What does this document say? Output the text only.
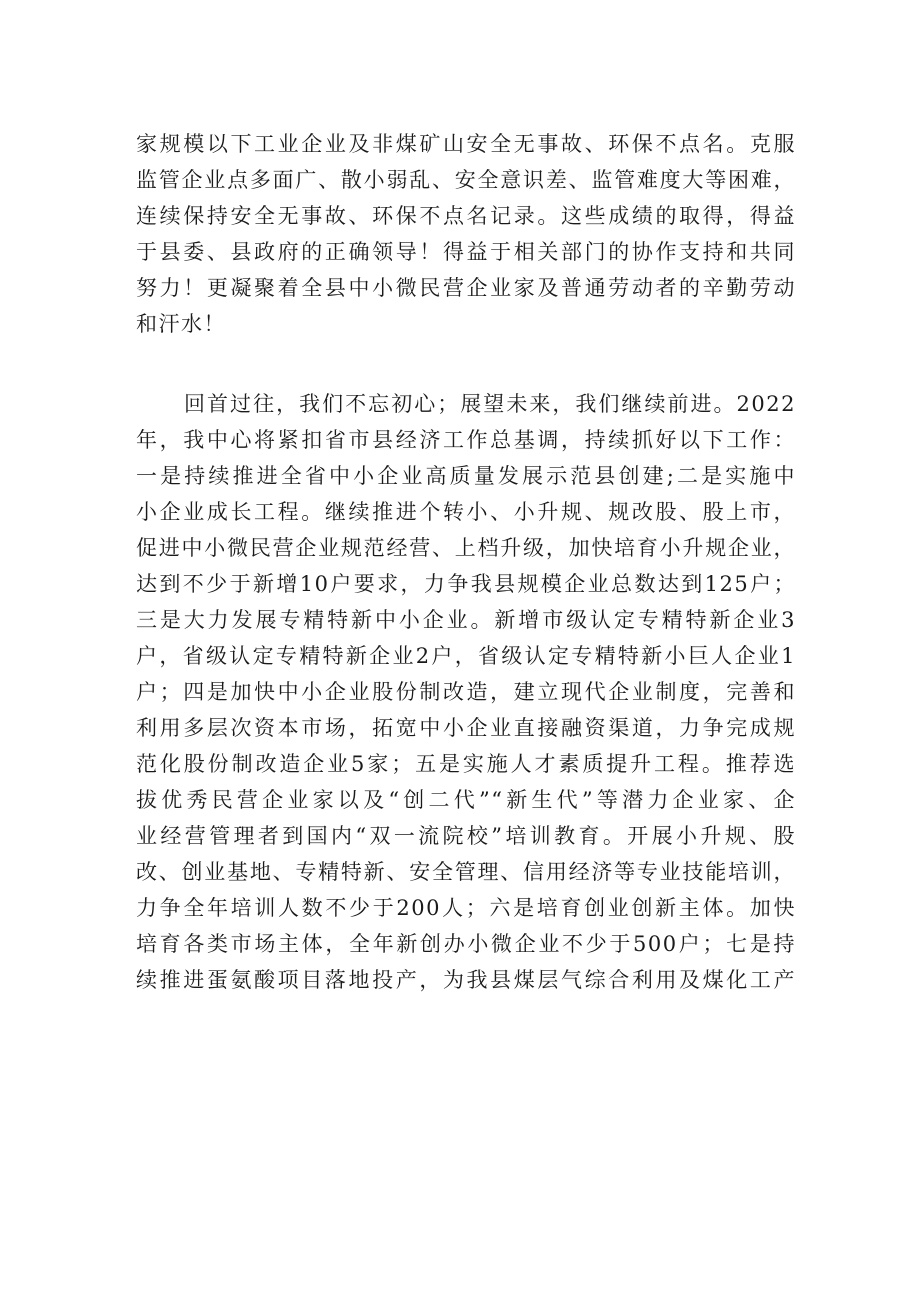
家规模以下工业企业及非煤矿山安全无事故、环保不点名。克服
监管企业点多面广、散小弱乱、安全意识差、监管难度大等困难，
连续保持安全无事故、环保不点名记录。这些成绩的取得，得益
于县委、县政府的正确领导！得益于相关部门的协作支持和共同
努力！更凝聚着全县中小微民营企业家及普通劳动者的辛勤劳动
和汗水！
回首过往，我们不忘初心；展望未来，我们继续前进。2022
年，我中心将紧扣省市县经济工作总基调，持续抓好以下工作：
一是持续推进全省中小企业高质量发展示范县创建;二是实施中
小企业成长工程。继续推进个转小、小升规、规改股、股上市，
促进中小微民营企业规范经营、上档升级，加快培育小升规企业，
达到不少于新增10户要求，力争我县规模企业总数达到125户；
三是大力发展专精特新中小企业。新增市级认定专精特新企业3
户，省级认定专精特新企业2户，省级认定专精特新小巨人企业1
户；四是加快中小企业股份制改造，建立现代企业制度，完善和
利用多层次资本市场，拓宽中小企业直接融资渠道，力争完成规
范化股份制改造企业5家；五是实施人才素质提升工程。推荐选
拔优秀民营企业家以及“创二代”“新生代”等潜力企业家、企
业经营管理者到国内“双一流院校”培训教育。开展小升规、股
改、创业基地、专精特新、安全管理、信用经济等专业技能培训，
力争全年培训人数不少于200人；六是培育创业创新主体。加快
培育各类市场主体，全年新创办小微企业不少于500户；七是持
续推进蛋氨酸项目落地投产，为我县煤层气综合利用及煤化工产
